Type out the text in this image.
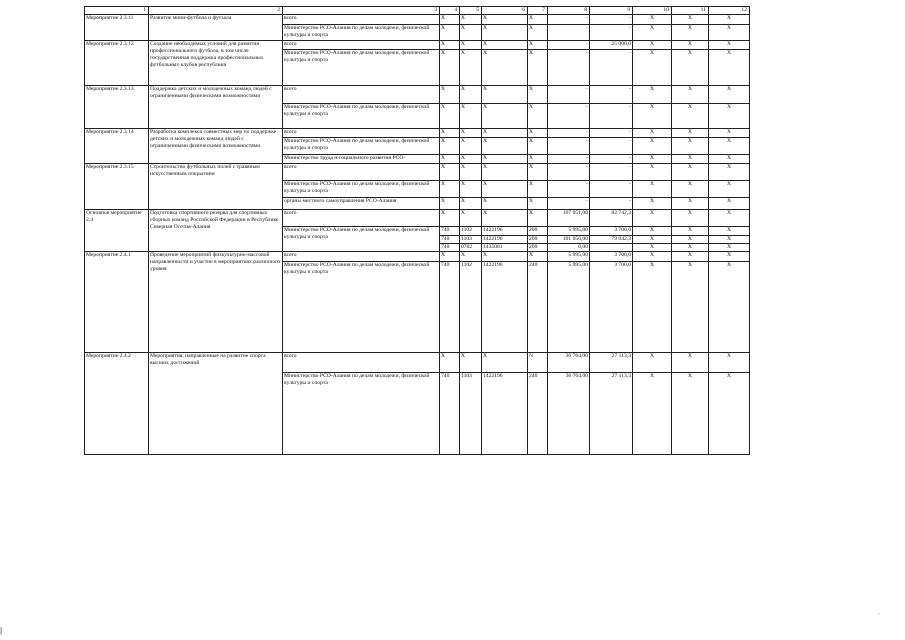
1	2	3	4	5	6	7	8	9	10	11	12
Мероприятие 2.3.11	Развитие мини-футбола и футзала	всего	X	X	X	X	-	-	X	X	X
		Министерство РСО-Алания по делам молодежи, физической культуры и спорта	X	X	X	X	-	-	X	X	X
Мероприятие 2.3.12	Создание необходимых условий для развития профессионального футбола, в том числе государственная поддержка профессиональных футбольных клубов республики	всего	X	X	X	X	-	25 000,0	X	X	X
		Министерство РСО-Алания по делам молодежи, физической культуры и спорта	X	X	X	X	-	-	X	X	X
Мероприятие 2.3.13	Поддержка детских и молодежных команд людей с ограниченными физическими возможностями	всего	X	X	X	X	-	-	X	X	X
		Министерство РСО-Алания по делам молодежи, физической культуры и спорта	X	X	X	X	-	-	X	X	X
Мероприятие 2.3.14	Разработка комплекса совместных мер по поддержке детских и молодежных команд людей с ограниченными физическими возможностями	всего	X	X	X	X	-	-	X	X	X
		Министерство РСО-Алания по делам молодежи, физической культуры и спорта	X	X	X	X	-	-	X	X	X
		Министерство труда и социального развития РСО-	X	X	X	X	-	-	X	X	X
Мероприятие 2.3.15	Строительство футбольных полей с травяным искусственным покрытием	всего	X	X	X	X	-	-	X	X	X
		Министерство РСО-Алания по делам молодежи, физической культуры и спорта	X	X	X	X	-	-	X	X	X
		органы местного самоуправления РСО-Алания	X	X	X	X	-	-	X	X	X
Основное мероприятие 2.4	Подготовка спортивного резерва для спортивных сборных команд Российской Федерации в Республике Северная Осетия-Алания	всего	X	X	X	X	107 051,00	82 742,3	X	X	X
		Министерство РСО-Алания по делам молодежи, физической культуры и спорта	740	1102	1422196	200	5 995,00	3 700,0	X	X	X
			740	1103	1422196	200	101 056,00	79 042,3	X	X	X
			740	0702	1435081	200	0,00		X	X	X
Мероприятие 2.4.1	Проведение мероприятий физкультурно-массовой направленности и участие в мероприятиях различного уровня	всего	X	X	X	X	5 995,00	3 700,0	X	X	X
		Министерство РСО-Алания по делам молодежи, физической культуры и спорта	740	1102	1422196	240	5 995,00	3 700,0	X	X	X
Мероприятие 2.4.2	Мероприятия, направленные на развитие спорта высших достижений	всего	X	X	X	N	36 764,00	27 113,3	X	X	X
		Министерство РСО-Алания по делам молодежи, физической культуры и спорта	740	1103	1422196	240	36 764,00	27 113,3	X	X	X
|
.
